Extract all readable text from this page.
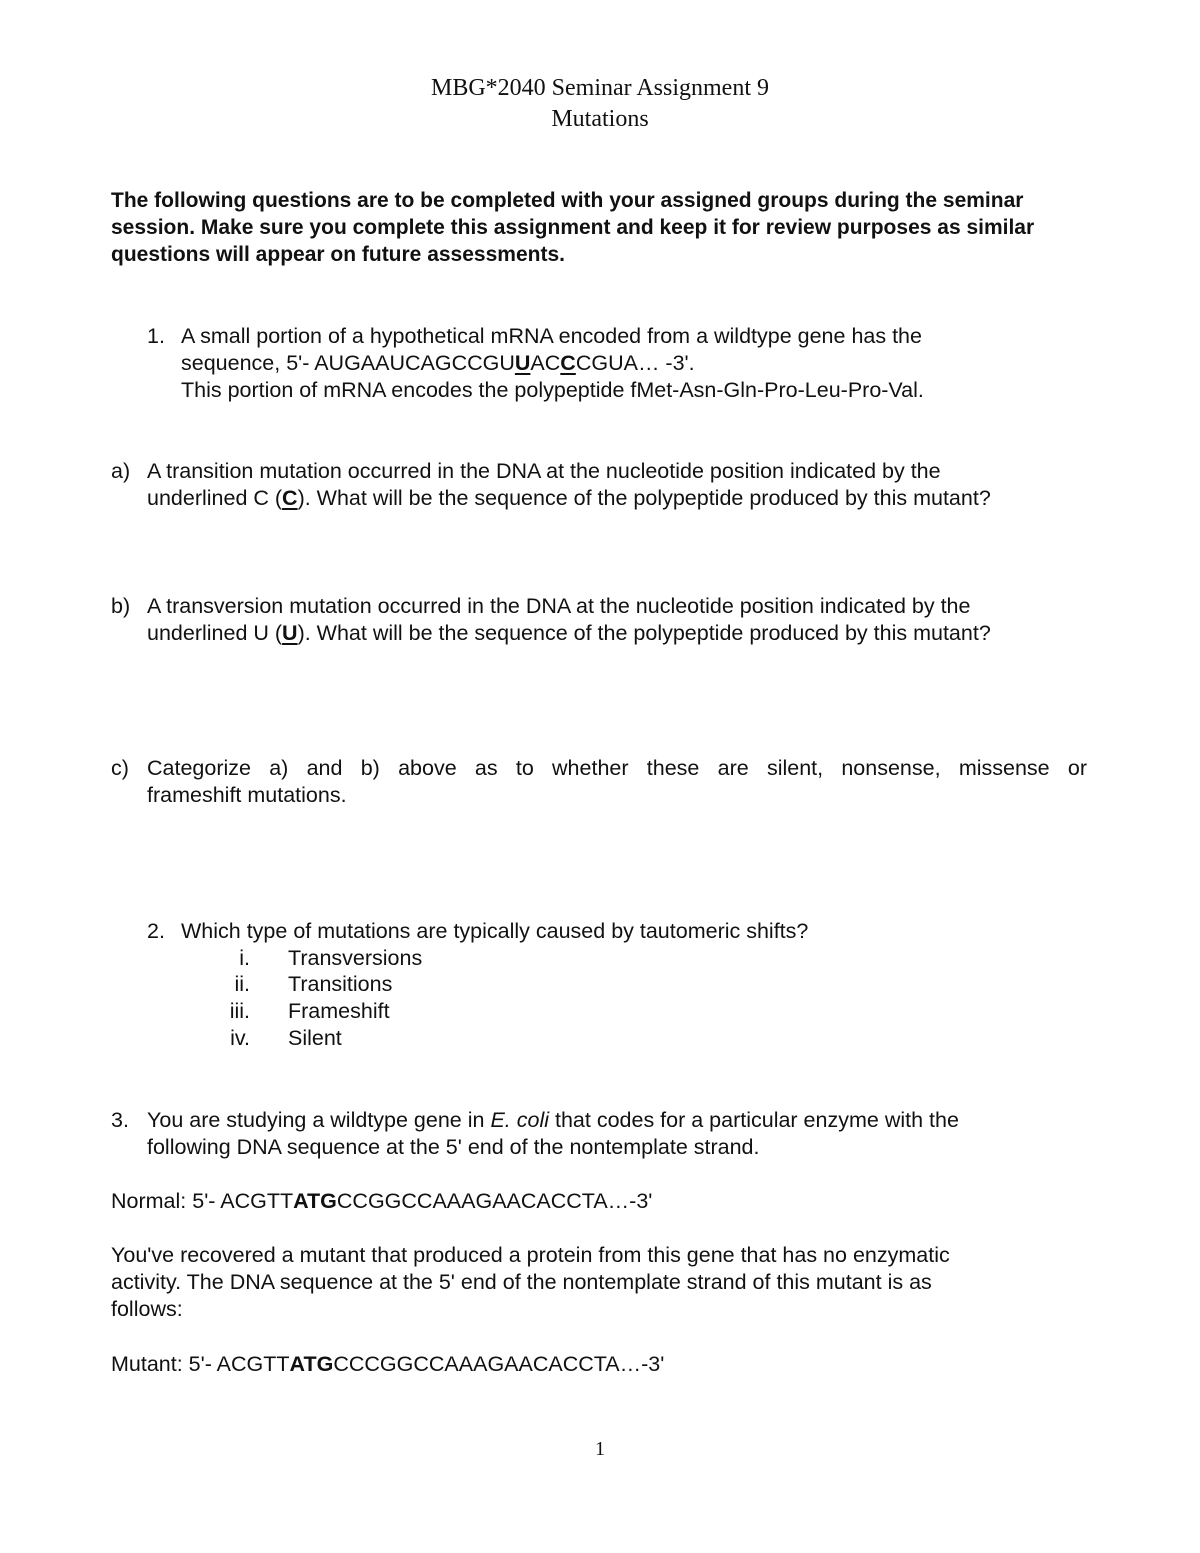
MBG*2040 Seminar Assignment 9
Mutations
The following questions are to be completed with your assigned groups during the seminar session. Make sure you complete this assignment and keep it for review purposes as similar questions will appear on future assessments.
1. A small portion of a hypothetical mRNA encoded from a wildtype gene has the
sequence, 5'- AUGAAUCAGCCGUUACCCGUA… -3'.
This portion of mRNA encodes the polypeptide fMet-Asn-Gln-Pro-Leu-Pro-Val.
a) A transition mutation occurred in the DNA at the nucleotide position indicated by the
underlined C (C). What will be the sequence of the polypeptide produced by this mutant?
b) A transversion mutation occurred in the DNA at the nucleotide position indicated by the
underlined U (U). What will be the sequence of the polypeptide produced by this mutant?
c) Categorize a) and b) above as to whether these are silent, nonsense, missense or
frameshift mutations.
2. Which type of mutations are typically caused by tautomeric shifts?
i. Transversions
ii. Transitions
iii. Frameshift
iv. Silent
3. You are studying a wildtype gene in E. coli that codes for a particular enzyme with the
following DNA sequence at the 5' end of the nontemplate strand.
Normal: 5'- ACGTTATGCCGGCCAAAGAACACCTA…-3'
You've recovered a mutant that produced a protein from this gene that has no enzymatic
activity. The DNA sequence at the 5' end of the nontemplate strand of this mutant is as
follows:
Mutant: 5'- ACGTTATGCCCGGCCAAAGAACACCTA…-3'
1
